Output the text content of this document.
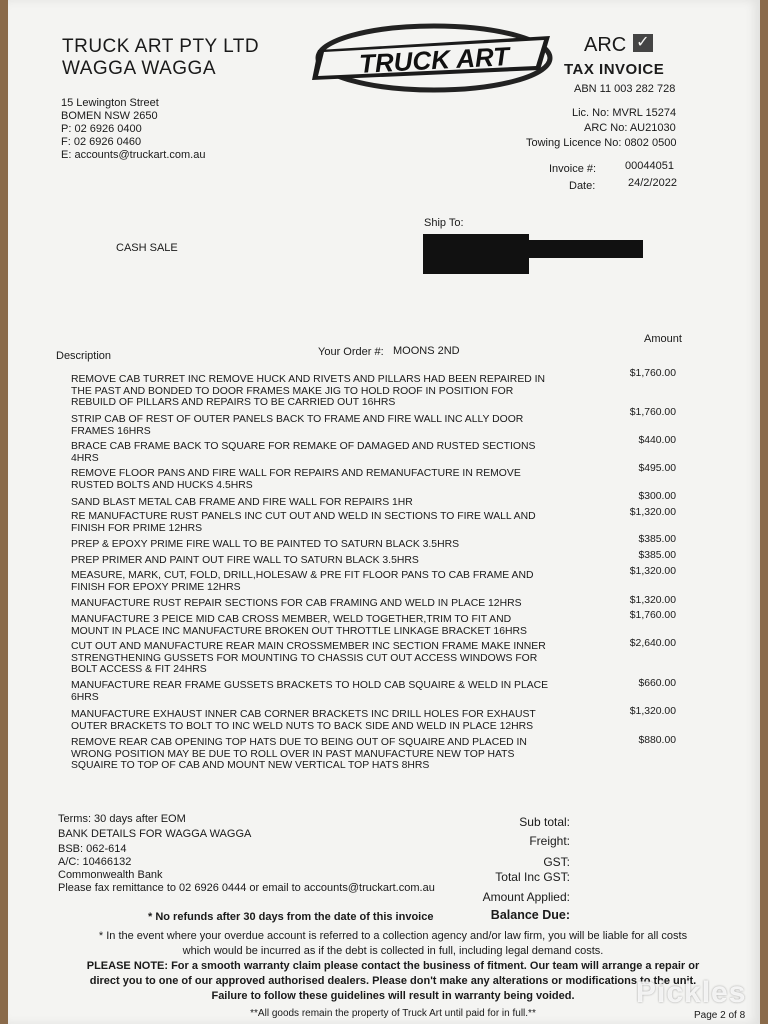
TRUCK ART PTY LTD
WAGGA WAGGA
15 Lewington Street
BOMEN NSW 2650
P: 02 6926 0400
F: 02 6926 0460
E: accounts@truckart.com.au
TRUCK ART	ARC ✓
TAX INVOICE
ABN 11 003 282 728
Lic. No: MVRL 15274
ARC No: AU21030
Towing Licence No: 0802 0500
Invoice #:	00044051
Date:	24/2/2022
CASH SALE
Ship To:
Description	Your Order #: MOONS 2ND
Amount
REMOVE CAB TURRET INC REMOVE HUCK AND RIVETS AND PILLARS HAD BEEN REPAIRED IN THE PAST AND BONDED TO DOOR FRAMES MAKE JIG TO HOLD ROOF IN POSITION FOR REBUILD OF PILLARS AND REPAIRS TO BE CARRIED OUT 16HRS
$1,760.00
STRIP CAB OF REST OF OUTER PANELS BACK TO FRAME AND FIRE WALL INC ALLY DOOR FRAMES 16HRS
$1,760.00
BRACE CAB FRAME BACK TO SQUARE FOR REMAKE OF DAMAGED AND RUSTED SECTIONS 4HRS
$440.00
REMOVE FLOOR PANS AND FIRE WALL FOR REPAIRS AND REMANUFACTURE IN REMOVE RUSTED BOLTS AND HUCKS 4.5HRS
$495.00
SAND BLAST METAL CAB FRAME AND FIRE WALL FOR REPAIRS 1HR
$300.00
RE MANUFACTURE RUST PANELS INC CUT OUT AND WELD IN SECTIONS TO FIRE WALL AND FINISH FOR PRIME 12HRS
$1,320.00
PREP & EPOXY PRIME FIRE WALL TO BE PAINTED TO SATURN BLACK 3.5HRS	$385.00
PREP PRIMER AND PAINT OUT FIRE WALL TO SATURN BLACK 3.5HRS	$385.00
MEASURE, MARK, CUT, FOLD, DRILL,HOLESAW & PRE FIT FLOOR PANS TO CAB FRAME AND FINISH FOR EPOXY PRIME 12HRS
$1,320.00
MANUFACTURE RUST REPAIR SECTIONS FOR CAB FRAMING AND WELD IN PLACE 12HRS	$1,320.00
MANUFACTURE 3 PEICE MID CAB CROSS MEMBER, WELD TOGETHER,TRIM TO FIT AND MOUNT IN PLACE INC MANUFACTURE BROKEN OUT THROTTLE LINKAGE BRACKET 16HRS
$1,760.00
CUT OUT AND MANUFACTURE REAR MAIN CROSSMEMBER INC SECTION FRAME MAKE INNER STRENGTHENING GUSSETS FOR MOUNTING TO CHASSIS CUT OUT ACCESS WINDOWS FOR BOLT ACCESS & FIT 24HRS
$2,640.00
MANUFACTURE REAR FRAME GUSSETS BRACKETS TO HOLD CAB SQUAIRE & WELD IN PLACE 6HRS
$660.00
MANUFACTURE EXHAUST INNER CAB CORNER BRACKETS INC DRILL HOLES FOR EXHAUST OUTER BRACKETS TO BOLT TO INC WELD NUTS TO BACK SIDE AND WELD IN PLACE 12HRS
$1,320.00
REMOVE REAR CAB OPENING TOP HATS DUE TO BEING OUT OF SQUAIRE AND PLACED IN WRONG POSITION MAY BE DUE TO ROLL OVER IN PAST MANUFACTURE NEW TOP HATS SQUAIRE TO TOP OF CAB AND MOUNT NEW VERTICAL TOP HATS 8HRS
$880.00
Terms: 30 days after EOM
BANK DETAILS FOR WAGGA WAGGA
BSB: 062-614
A/C: 10466132
Commonwealth Bank
Please fax remittance to 02 6926 0444 or email to accounts@truckart.com.au
Sub total:
Freight:
GST:
Total Inc GST:
Amount Applied:
Balance Due:
* No refunds after 30 days from the date of this invoice
* In the event where your overdue account is referred to a collection agency and/or law firm, you will be liable for all costs
which would be incurred as if the debt is collected in full, including legal demand costs.
PLEASE NOTE: For a smooth warranty claim please contact the business of fitment. Our team will arrange a repair or
direct you to one of our approved authorised dealers. Please don't make any alterations or modifications to the unit.
Failure to follow these guidelines will result in warranty being voided.
**All goods remain the property of Truck Art until paid for in full.**	Page 2 of 8
Pickles
